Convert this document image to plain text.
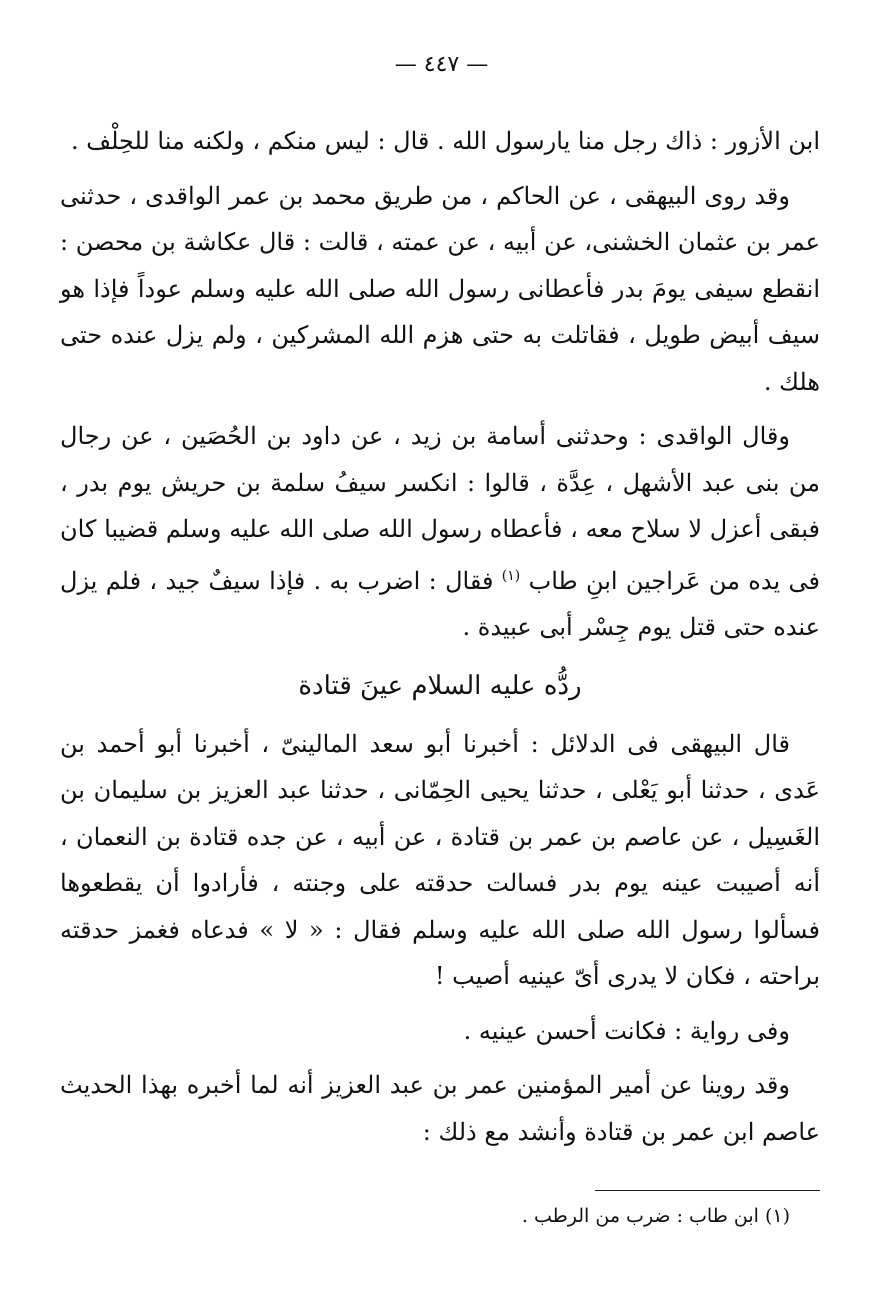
— ٤٤٧ —

ابن الأزور : ذاك رجل منا يارسول الله . قال : ليس منكم ، ولكنه منا للحِلْف .

وقد روى البيهقى ، عن الحاكم ، من طريق محمد بن عمر الواقدى ، حدثنى عمر بن عثمان الخشنى، عن أبيه ، عن عمته ، قالت : قال عكاشة بن محصن : انقطع سيفى يومَ بدر فأعطانى رسول الله صلى الله عليه وسلم عوداً فإذا هو سيف أبيض طويل ، فقاتلت به حتى هزم الله المشركين ، ولم يزل عنده حتى هلك .

وقال الواقدى : وحدثنى أسامة بن زيد ، عن داود بن الحُصَين ، عن رجال من بنى عبد الأشهل ، عِدَّة ، قالوا : انكسر سيفُ سلمة بن حريش يوم بدر ، فبقى أعزل لا سلاح معه ، فأعطاه رسول الله صلى الله عليه وسلم قضيبا كان فى يده من عَراجين ابنِ طاب $^{(١)}$ فقال : اضرب به . فإذا سيفٌ جيد ، فلم يزل عنده حتى قتل يوم جِسْر أبى عبيدة .

ردُّه عليه السلام عينَ قتادة

قال البيهقى فى الدلائل : أخبرنا أبو سعد المالينىّ ، أخبرنا أبو أحمد بن عَدى ، حدثنا أبو يَعْلى ، حدثنا يحيى الحِمّانى ، حدثنا عبد العزيز بن سليمان بن الغَسِيل ، عن عاصم بن عمر بن قتادة ، عن أبيه ، عن جده قتادة بن النعمان ، أنه أصيبت عينه يوم بدر فسالت حدقته على وجنته ، فأرادوا أن يقطعوها فسألوا رسول الله صلى الله عليه وسلم فقال : « لا » فدعاه فغمز حدقته براحته ، فكان لا يدرى أىّ عينيه أصيب !

وفى رواية : فكانت أحسن عينيه .

وقد روينا عن أمير المؤمنين عمر بن عبد العزيز أنه لما أخبره بهذا الحديث عاصم ابن عمر بن قتادة وأنشد مع ذلك :

(١) ابن طاب : ضرب من الرطب .
